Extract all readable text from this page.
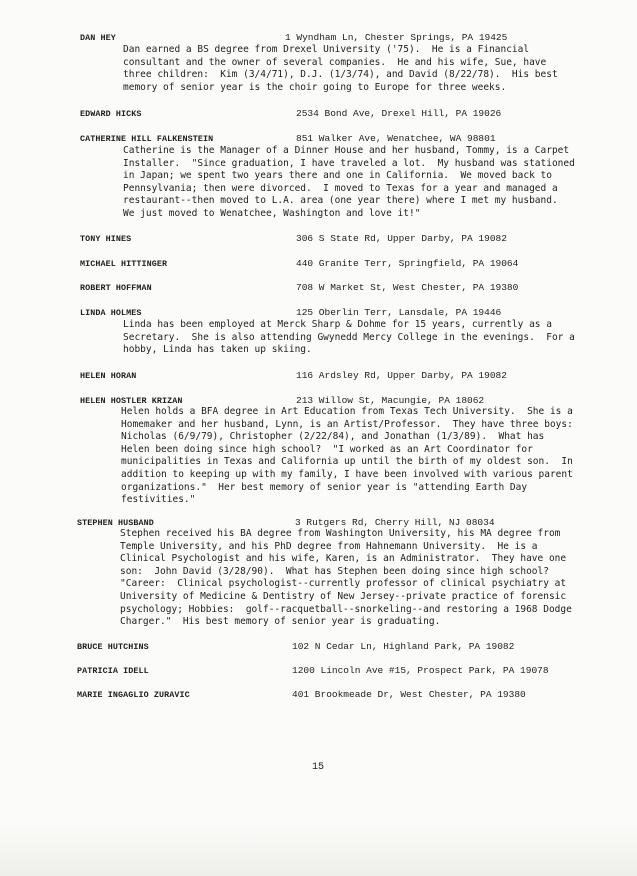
DAN HEY	1 Wyndham Ln, Chester Springs, PA 19425
Dan earned a BS degree from Drexel University ('75).  He is a Financial
consultant and the owner of several companies.  He and his wife, Sue, have
three children:  Kim (3/4/71), D.J. (1/3/74), and David (8/22/78).  His best
memory of senior year is the choir going to Europe for three weeks.
EDWARD HICKS	2534 Bond Ave, Drexel Hill, PA 19026
CATHERINE HILL FALKENSTEIN	851 Walker Ave, Wenatchee, WA 98801
Catherine is the Manager of a Dinner House and her husband, Tommy, is a Carpet
Installer.  "Since graduation, I have traveled a lot.  My husband was stationed
in Japan; we spent two years there and one in California.  We moved back to
Pennsylvania; then were divorced.  I moved to Texas for a year and managed a
restaurant--then moved to L.A. area (one year there) where I met my husband.
We just moved to Wenatchee, Washington and love it!"
TONY HINES	306 S State Rd, Upper Darby, PA 19082
MICHAEL HITTINGER	440 Granite Terr, Springfield, PA 19064
ROBERT HOFFMAN	708 W Market St, West Chester, PA 19380
LINDA HOLMES	125 Oberlin Terr, Lansdale, PA 19446
Linda has been employed at Merck Sharp & Dohme for 15 years, currently as a
Secretary.  She is also attending Gwynedd Mercy College in the evenings.  For a
hobby, Linda has taken up skiing.
HELEN HORAN	116 Ardsley Rd, Upper Darby, PA 19082
HELEN HOSTLER KRIZAN	213 Willow St, Macungie, PA 18062
Helen holds a BFA degree in Art Education from Texas Tech University.  She is a
Homemaker and her husband, Lynn, is an Artist/Professor.  They have three boys:
Nicholas (6/9/79), Christopher (2/22/84), and Jonathan (1/3/89).  What has
Helen been doing since high school?  "I worked as an Art Coordinator for
municipalities in Texas and California up until the birth of my oldest son.  In
addition to keeping up with my family, I have been involved with various parent
organizations."  Her best memory of senior year is "attending Earth Day
festivities."
STEPHEN HUSBAND	3 Rutgers Rd, Cherry Hill, NJ 08034
Stephen received his BA degree from Washington University, his MA degree from
Temple University, and his PhD degree from Hahnemann University.  He is a
Clinical Psychologist and his wife, Karen, is an Administrator.  They have one
son:  John David (3/28/90).  What has Stephen been doing since high school?
"Career:  Clinical psychologist--currently professor of clinical psychiatry at
University of Medicine & Dentistry of New Jersey--private practice of forensic
psychology; Hobbies:  golf--racquetball--snorkeling--and restoring a 1968 Dodge
Charger."  His best memory of senior year is graduating.
BRUCE HUTCHINS	102 N Cedar Ln, Highland Park, PA 19082
PATRICIA IDELL	1200 Lincoln Ave #15, Prospect Park, PA 19078
MARIE INGAGLIO ZURAVIC	401 Brookmeade Dr, West Chester, PA 19380
15
